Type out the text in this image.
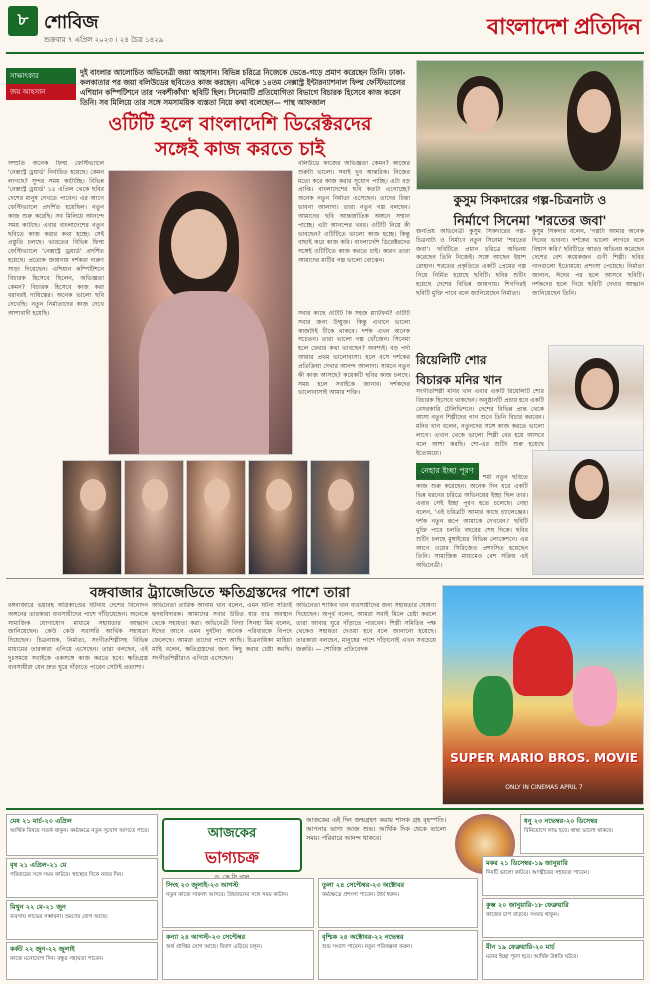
৮ শোবিজ
শুক্রবার ৭ এপ্রিল ২০২৩ । ২৪ চৈত্র ১৪২৯	বাংলাদেশ প্রতিদিন
সাক্ষাৎকার
জয় আহসান
দুই বাংলার আলোচিত অভিনেত্রী জয়া আহসান। বিভিন্ন চরিত্রে নিজেকে ভেঙে-গড়ে প্রমাণ করেছেন তিনি। ঢাকা-কলকাতার পর জয়া বলিউডের ছবিতেও কাজ করছেন। এদিকে ১৪তম নেক্সাস্ট্র ইন্টারন্যাশনাল ফিল্ম ফেস্টিভ্যালের এশিয়ান কম্পিটিশনে তার 'নকশীকাঁথা' ছবিটি ছিল। সিনেমাটি প্রতিযোগিতা বিভাগে বিচারক হিসেবে কাজ করেন তিনি। সব মিলিয়ে তার সঙ্গে সমসাময়িক ব্যস্ততা নিয়ে কথা বলেছেন— পান্থ আফজাল
ওটিটি হলে বাংলাদেশি ডিরেক্টরদের
সঙ্গেই কাজ করতে চাই
সম্প্রতি অনেক ফিল্ম ফেস্টিভ্যালে 'নেক্সাস্ট্র ড্রয়ার্ড' নির্বাচিত হয়েছে। কেমন লাগছে? সুন্দর সময় কাটাচ্ছি। বিভিন্ন 'নেক্সাস্ট্র ড্রয়ার্ড' ১৫ এপ্রিল থেকে ছবির দেশের মানুষ দেখতে পাবেন। এর আগে ফেস্টিভ্যালে প্রদর্শিত হয়েছিল। নতুন কাজ শুরু করেছি। সব মিলিয়ে আনন্দে সময় কাটছে। এবার বাংলাদেশের নতুন ছবিতে কাজ করার কথা হচ্ছে। সেই প্রস্তুতি চলছে। ভারতের বিভিন্ন ফিল্ম ফেস্টিভ্যালে 'নেক্সাস্ট্র ড্রয়ার্ড' প্রদর্শিত হয়েছে। প্রত্যেক জায়গায় দর্শকরা দারুণ সাড়া দিয়েছেন। এশিয়ান কম্পিটিশনে বিচারক হিসেবে ছিলেন, অভিজ্ঞতা কেমন? বিচারক হিসেবে কাজ করা বরাবরই দায়িত্বের। অনেক ভালো ছবি দেখেছি। নতুন নির্মাতাদের কাজ দেখে আশাবাদী হয়েছি।
বলিউডে কাজের অভিজ্ঞতা কেমন? কাজের শুরুটা ভালো। সবাই খুব আন্তরিক। নিজের মতো করে কাজ করার সুযোগ পাচ্ছি। এটা বড় প্রাপ্তি। বাংলাদেশের ছবি কতটা এগোচ্ছে? অনেক নতুন নির্মাতা এসেছেন। তাদের চিন্তা ভাবনা আলাদা। তারা নতুন গল্প বলছেন। আমাদের ছবি আন্তর্জাতিক অঙ্গনে সম্মান পাচ্ছে। এটা আনন্দের খবর। ওটিটি নিয়ে কী ভাবছেন? ওটিটিতে ভালো কাজ হচ্ছে। কিন্তু বাছাই করে কাজ করি। বাংলাদেশি ডিরেক্টরদের সঙ্গেই ওটিটিতে কাজ করতে চাই। কারণ তারা আমাদের মাটির গল্প ভালো বোঝেন।
সবার কাছে ওটিটি কি সহজ প্ল্যাটফর্ম? ওটিটি সবার জন্য উন্মুক্ত। কিন্তু এখানে ভালো কাজটাই টিকে থাকবে। দর্শক এখন অনেক সচেতন। তারা ভালো গল্প খোঁজেন। সিনেমা হলে ফেরার কথা ভাবছেন? অবশ্যই। বড় পর্দা আমার প্রথম ভালোবাসা। হলে বসে দর্শকের প্রতিক্রিয়া দেখার আনন্দ আলাদা। সামনে নতুন কী কাজ আসছে? কয়েকটি ছবির কাজ চলছে। সময় হলে সবাইকে জানাব। দর্শকদের ভালোবাসাই আমার শক্তি।
কুসুম সিকদারের গল্প-চিত্রনাট্য ও
নির্মাণে সিনেমা 'শরতের জবা'
জনপ্রিয় অভিনেত্রী কুসুম সিকদারের গল্প-চিত্রনাট্য ও নির্মাণে নতুন সিনেমা 'শরতের জবা'। ছবিটিতে প্রধান চরিত্রে অভিনয় করেছেন তিনি নিজেই। সঙ্গে আছেন ইয়াশ রোহান। শরতের প্রকৃতিতে একটি প্রেমের গল্প নিয়ে নির্মিত হয়েছে ছবিটি। ছবির শুটিং হয়েছে দেশের বিভিন্ন জায়গায়। শিগগিরই ছবিটি মুক্তি পাবে বলে জানিয়েছেন নির্মাতা।
কুসুম সিকদার বলেন, 'গল্পটা আমার অনেক দিনের ভাবনা। দর্শকের ভালো লাগবে বলে বিশ্বাস করি।' ছবিটিতে আরও অভিনয় করেছেন দেশের বেশ কয়েকজন গুণী শিল্পী। ছবির গানগুলো ইতোমধ্যে প্রশংসা পেয়েছে। নির্মাতা জানান, ঈদের পর হলে আসবে ছবিটি। দর্শকদের হলে গিয়ে ছবিটি দেখার আহ্বান জানিয়েছেন তিনি।
রিয়েলিটি শোর
বিচারক মনির খান
সংগীতশিল্পী মনির খান এবার একটি রিয়েলিটি শোর বিচারক হিসেবে থাকছেন। অনুষ্ঠানটি প্রচার হবে একটি বেসরকারি টেলিভিশনে। দেশের বিভিন্ন প্রান্ত থেকে আসা নতুন শিল্পীদের গান শুনে তিনি বিচার করবেন। মনির খান বলেন, নতুনদের সঙ্গে কাজ করতে ভালো লাগে। এখান থেকে ভালো শিল্পী বের হয়ে আসবে বলে আশা করছি। শো-এর শুটিং শুরু হয়েছে ইতোমধ্যে।
নেহার ইচ্ছা পূরণ
বলিউড অভিনেত্রী নেহা শর্মা নতুন ছবিতে কাজ শুরু করেছেন। অনেক দিন ধরে একটি ভিন্ন ধরনের চরিত্রে অভিনয়ের ইচ্ছা ছিল তার। এবার সেই ইচ্ছা পূরণ হতে চলেছে। নেহা বলেন, 'এই চরিত্রটি আমার কাছে চ্যালেঞ্জের। দর্শক নতুন রূপে আমাকে দেখবেন।' ছবিটি মুক্তি পাবে চলতি বছরের শেষ দিকে। ছবির শুটিং চলছে মুম্বাইয়ের বিভিন্ন লোকেশনে। এর আগে ওয়েব সিরিজেও প্রশংসিত হয়েছেন তিনি। সামাজিক মাধ্যমেও বেশ সক্রিয় এই অভিনেত্রী।
বঙ্গবাজার ট্র্যাজেডিতে ক্ষতিগ্রস্তদের পাশে তারা
বঙ্গবাজারে ভয়াবহ অগ্নিকাণ্ডের ঘটনায় দেশের বিনোদন অঙ্গনের তারকারা ব্যবসায়ীদের পাশে দাঁড়িয়েছেন। অনেকে সামাজিক যোগাযোগ মাধ্যমে সহায়তার আহ্বান জানিয়েছেন। কেউ কেউ সরাসরি আর্থিক সহায়তা দিয়েছেন। চিত্রনায়ক, নির্মাতা, সংগীতশিল্পীসহ বিভিন্ন মাধ্যমের তারকারা এগিয়ে এসেছেন। তারা বলছেন, এই দুঃসময়ে সবাইকে একসঙ্গে কাজ করতে হবে। ক্ষতিগ্রস্ত ব্যবসায়ীরা যেন দ্রুত ঘুরে দাঁড়াতে পারেন সেটাই প্রত্যাশা।
অভিনেতা তারিক আনাম খান বলেন, এমন ঘটনা সত্যিই হৃদয়বিদারক। আমাদের সবার উচিত যার যার অবস্থান থেকে সহায়তা করা। অভিনেত্রী বিদ্যা সিনহা মিম বলেন, ঈদের আগে এমন দুর্ঘটনা অনেক পরিবারকে বিপদে ফেলেছে। আমরা তাদের পাশে আছি। চিত্রনায়িকা মাহিয়া মাহি বলেন, ক্ষতিগ্রস্তদের জন্য কিছু করার চেষ্টা করছি। সংগীতশিল্পীরাও এগিয়ে এসেছেন।
অভিনেতা শাকিব খান ব্যবসায়ীদের জন্য সহায়তার ঘোষণা দিয়েছেন। অপূর্ব বলেন, আমরা সবাই মিলে চেষ্টা করলে তারা আবার ঘুরে দাঁড়াতে পারবেন। শিল্পী সমিতির পক্ষ থেকেও সহায়তা দেওয়া হবে বলে জানানো হয়েছে। তারকারা বলছেন, মানুষের পাশে দাঁড়ানোই এখন সবচেয়ে জরুরি। — শোবিজ প্রতিবেদক
SUPER MARIO BROS. MOVIE
ONLY IN CINEMAS APRIL 7
আজকের
ভাগ্যচক্র
আজকের এই দিন জন্মগ্রহণ করায় শাসক গ্রহ বৃহস্পতি। আপনার ভাগ্য আজ শুভ। আর্থিক দিক থেকে ভালো সময়। পরিবারে আনন্দ থাকবে।
মেষ ২১ মার্চ-২০ এপ্রিল
আর্থিক বিষয়ে সতর্ক থাকুন। কর্মক্ষেত্রে নতুন সুযোগ আসতে পারে।
বৃষ ২১ এপ্রিল-২১ মে
পরিবারের সঙ্গে সময় কাটবে। স্বাস্থ্যের দিকে নজর দিন।
মিথুন ২২ মে-২১ জুন
ব্যবসায় লাভের সম্ভাবনা। ভ্রমণের যোগ আছে।
কর্কট ২২ জুন-২২ জুলাই
কাজে মনোযোগ দিন। বন্ধুর সহায়তা পাবেন।
সিংহ ২৩ জুলাই-২৩ আগস্ট
নতুন কাজে সাফল্য আসবে। প্রিয়জনের সঙ্গে সময় কাটান।
কন্যা ২৪ আগস্ট-২৩ সেপ্টেম্বর
অর্থ প্রাপ্তির যোগ আছে। বিবাদ এড়িয়ে চলুন।
তুলা ২৪ সেপ্টেম্বর-২৩ অক্টোবর
কর্মক্ষেত্রে প্রশংসা পাবেন। ধৈর্য ধরুন।
বৃশ্চিক ২৪ অক্টোবর-২২ নভেম্বর
শুভ সংবাদ পাবেন। নতুন পরিকল্পনা করুন।
ধনু ২৩ নভেম্বর-২০ ডিসেম্বর
বিনিয়োগে লাভ হবে। স্বাস্থ্য ভালো থাকবে।
মকর ২১ ডিসেম্বর-১৯ জানুয়ারি
দিনটি ভালো কাটবে। আত্মীয়ের সহায়তা পাবেন।
কুম্ভ ২০ জানুয়ারি-১৮ ফেব্রুয়ারি
কাজের চাপ বাড়বে। সংযত থাকুন।
মীন ১৯ ফেব্রুয়ারি-২০ মার্চ
মনের ইচ্ছা পূরণ হবে। আর্থিক উন্নতি ঘটবে।
